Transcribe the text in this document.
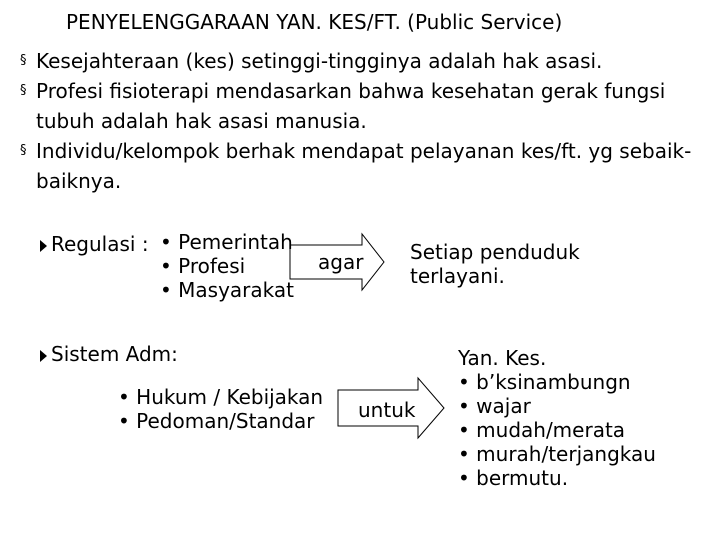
PENYELENGGARAAN YAN. KES/FT. (Public Service)
§ Kesejahteraan (kes) setinggi-tingginya adalah hak asasi.
§ Profesi fisioterapi mendasarkan bahwa kesehatan gerak fungsi tubuh adalah hak asasi manusia.
§ Individu/kelompok berhak mendapat pelayanan kes/ft. yg sebaik-baiknya.
Regulasi : • Pemerintah
• Profesi
• Masyarakat
agar Setiap penduduk
terlayani.
Sistem Adm:
• Hukum / Kebijakan
• Pedoman/Standar	untuk
Yan. Kes.
• b’ksinambungn
• wajar
• mudah/merata
• murah/terjangkau
• bermutu.
